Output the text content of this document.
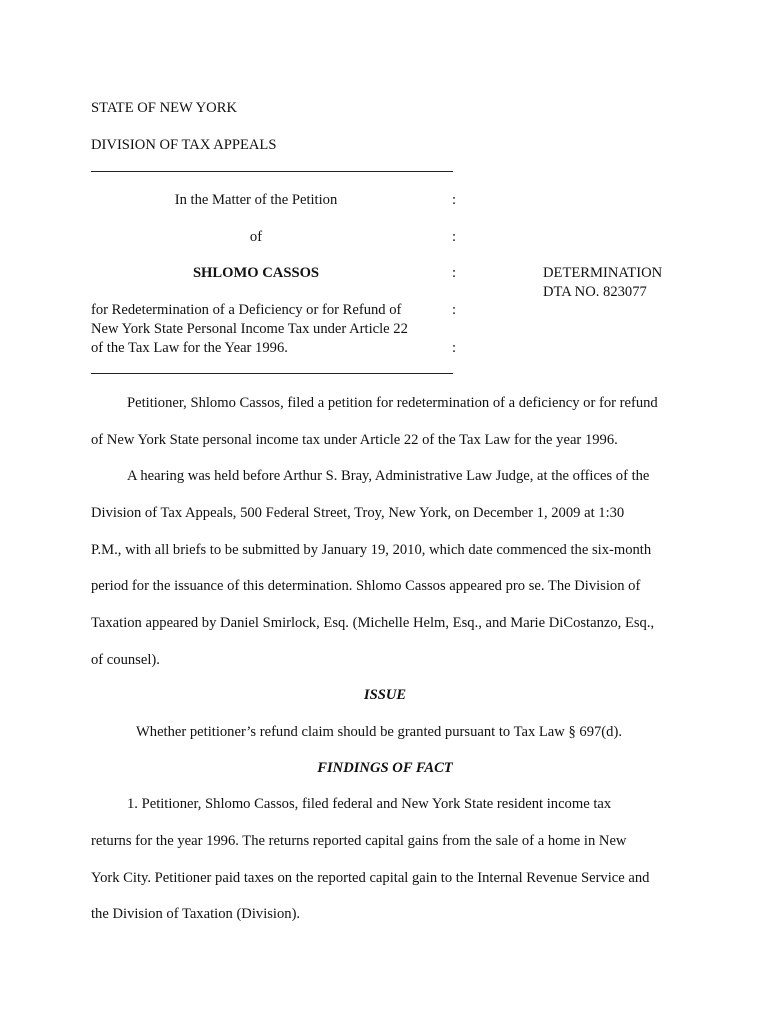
STATE OF NEW YORK
DIVISION OF TAX APPEALS
In the Matter of the Petition	:
of	:
SHLOMO CASSOS	:	DETERMINATION
DTA NO. 823077
for Redetermination of a Deficiency or for Refund of	:
New York State Personal Income Tax under Article 22
of the Tax Law for the Year 1996.	:
Petitioner, Shlomo Cassos, filed a petition for redetermination of a deficiency or for refund
of New York State personal income tax under Article 22 of the Tax Law for the year 1996.
A hearing was held before Arthur S. Bray, Administrative Law Judge, at the offices of the
Division of Tax Appeals, 500 Federal Street, Troy, New York, on December 1, 2009 at 1:30
P.M., with all briefs to be submitted by January 19, 2010, which date commenced the six-month
period for the issuance of this determination. Shlomo Cassos appeared pro se. The Division of
Taxation appeared by Daniel Smirlock, Esq. (Michelle Helm, Esq., and Marie DiCostanzo, Esq.,
of counsel).
ISSUE
Whether petitioner’s refund claim should be granted pursuant to Tax Law § 697(d).
FINDINGS OF FACT
1. Petitioner, Shlomo Cassos, filed federal and New York State resident income tax
returns for the year 1996. The returns reported capital gains from the sale of a home in New
York City. Petitioner paid taxes on the reported capital gain to the Internal Revenue Service and
the Division of Taxation (Division).
